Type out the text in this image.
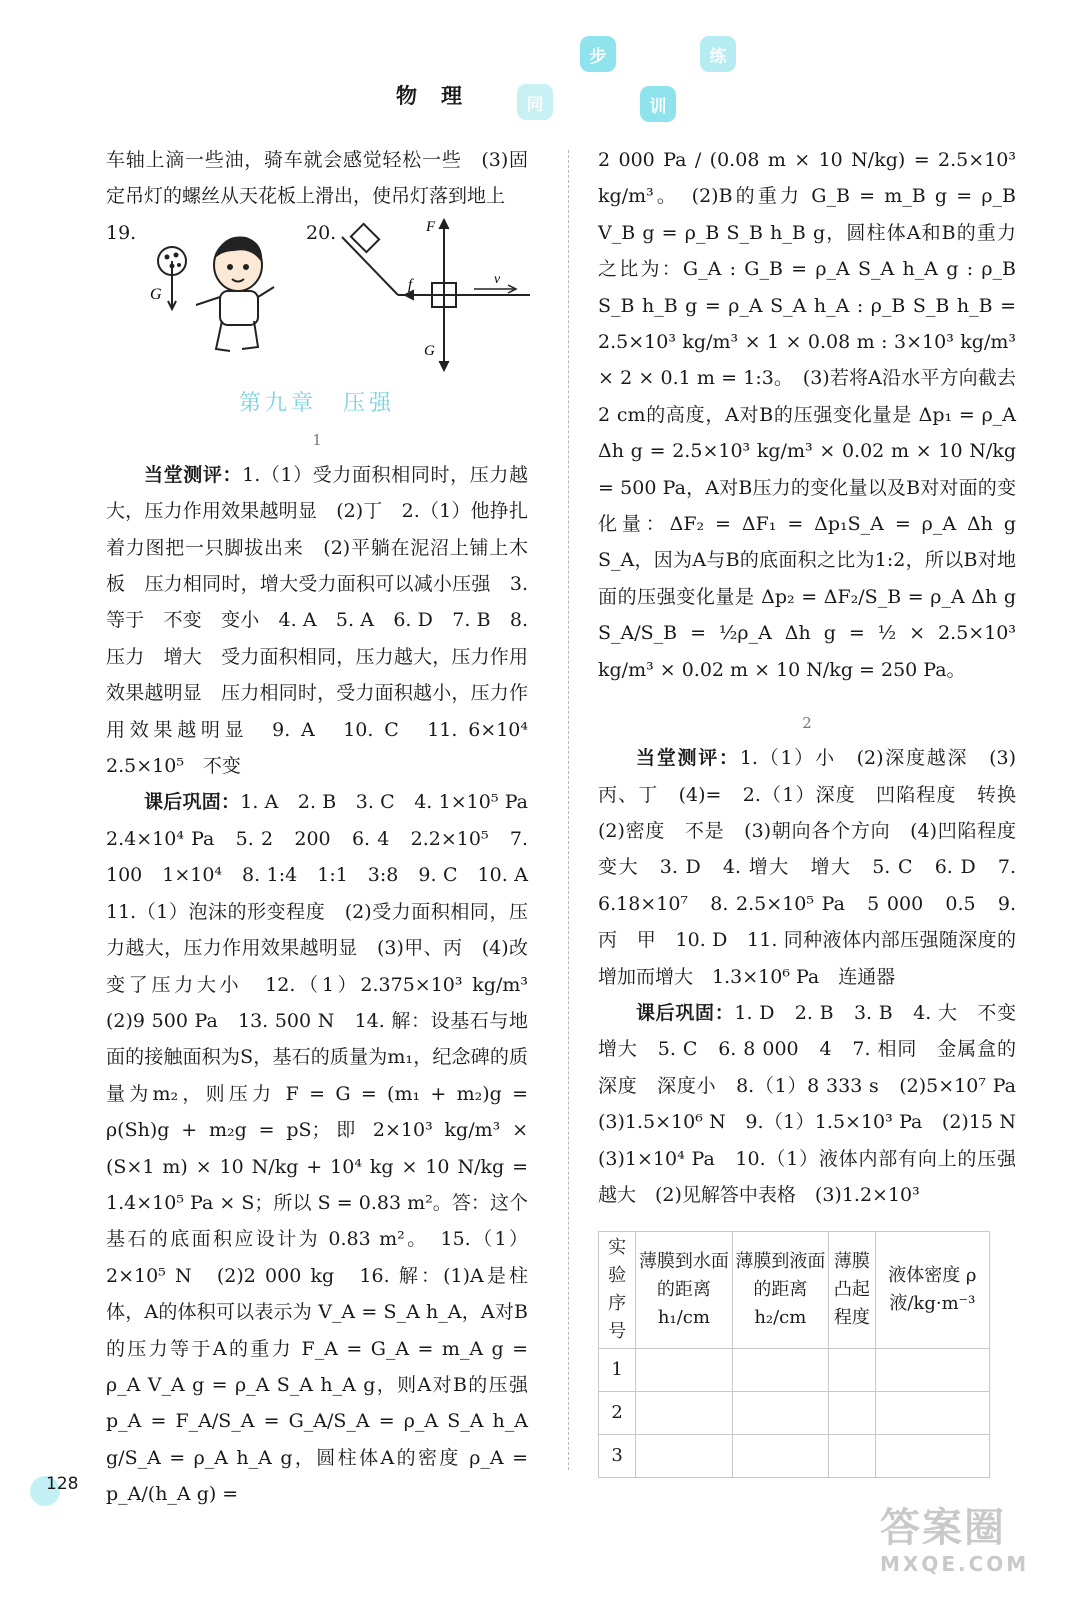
物理	同
步
训
练

车轴上滴一些油，骑车就会感觉轻松一些　(3)固定吊灯的螺丝从天花板上滑出，使吊灯落到地上

19.
G
20.	F
f	v
G
第九章　压强
1

当堂测评：1.（1）受力面积相同时，压力越大，压力作用效果越明显　(2)丁　2.（1）他挣扎着力图把一只脚拔出来　(2)平躺在泥沼上铺上木板　压力相同时，增大受力面积可以减小压强　3. 等于　不变　变小　4. A　5. A　6. D　7. B　8. 压力　增大　受力面积相同，压力越大，压力作用效果越明显　压力相同时，受力面积越小，压力作用效果越明显　9. A　10. C　11. 6×10⁴　2.5×10⁵　不变

课后巩固：1. A　2. B　3. C　4. 1×10⁵ Pa　2.4×10⁴ Pa　5. 2　200　6. 4　2.2×10⁵　7. 100　1×10⁴　8. 1:4　1:1　3:8　9. C　10. A　11.（1）泡沫的形变程度　(2)受力面积相同，压力越大，压力作用效果越明显　(3)甲、丙　(4)改变了压力大小　12.（1）2.375×10³ kg/m³　(2)9 500 Pa　13. 500 N　14. 解：设基石与地面的接触面积为S，基石的质量为m₁，纪念碑的质量为m₂，则压力 F = G = (m₁ + m₂)g = ρ(Sh)g + m₂g = pS；即 2×10³ kg/m³ × (S×1 m) × 10 N/kg + 10⁴ kg × 10 N/kg = 1.4×10⁵ Pa × S；所以 S = 0.83 m²。答：这个基石的底面积应设计为 0.83 m²。　15.（1）2×10⁵ N　(2)2 000 kg　16. 解：(1)A是柱体，A的体积可以表示为 V_A = S_A h_A，A对B的压力等于A的重力 F_A = G_A = m_A g = ρ_A V_A g = ρ_A S_A h_A g，则A对B的压强 p_A = F_A/S_A = G_A/S_A = ρ_A S_A h_A g/S_A = ρ_A h_A g，圆柱体A的密度 ρ_A = p_A/(h_A g) =

2 000 Pa / (0.08 m × 10 N/kg) = 2.5×10³ kg/m³。　(2)B的重力 G_B = m_B g = ρ_B V_B g = ρ_B S_B h_B g，圆柱体A和B的重力之比为：G_A : G_B = ρ_A S_A h_A g : ρ_B S_B h_B g = ρ_A S_A h_A : ρ_B S_B h_B = 2.5×10³ kg/m³ × 1 × 0.08 m : 3×10³ kg/m³ × 2 × 0.1 m = 1:3。　(3)若将A沿水平方向截去2 cm的高度，A对B的压强变化量是 Δp₁ = ρ_A Δh g = 2.5×10³ kg/m³ × 0.02 m × 10 N/kg = 500 Pa，A对B压力的变化量以及B对对面的变化量：ΔF₂ = ΔF₁ = Δp₁S_A = ρ_A Δh g S_A，因为A与B的底面积之比为1:2，所以B对地面的压强变化量是 Δp₂ = ΔF₂/S_B = ρ_A Δh g S_A/S_B = ½ρ_A Δh g = ½ × 2.5×10³ kg/m³ × 0.02 m × 10 N/kg = 250 Pa。

2

当堂测评：1.（1）小　(2)深度越深　(3)丙、丁　(4)=　2.（1）深度　凹陷程度　转换　(2)密度　不是　(3)朝向各个方向　(4)凹陷程度变大　3. D　4. 增大　增大　5. C　6. D　7. 6.18×10⁷　8. 2.5×10⁵ Pa　5 000　0.5　9. 丙　甲　10. D　11. 同种液体内部压强随深度的增加而增大　1.3×10⁶ Pa　连通器

课后巩固：1. D　2. B　3. B　4. 大　不变　增大　5. C　6. 8 000　4　7. 相同　金属盒的深度　深度小　8.（1）8 333 s　(2)5×10⁷ Pa　(3)1.5×10⁶ N　9.（1）1.5×10³ Pa　(2)15 N　(3)1×10⁴ Pa　10.（1）液体内部有向上的压强越大　(2)见解答中表格　(3)1.2×10³

实验序号	薄膜到水面的距离 h₁/cm	薄膜到液面的距离 h₂/cm	薄膜凸起程度	液体密度 ρ液/kg·m⁻³
1				
2				
3				
128
答案圈
MXQE.COM
